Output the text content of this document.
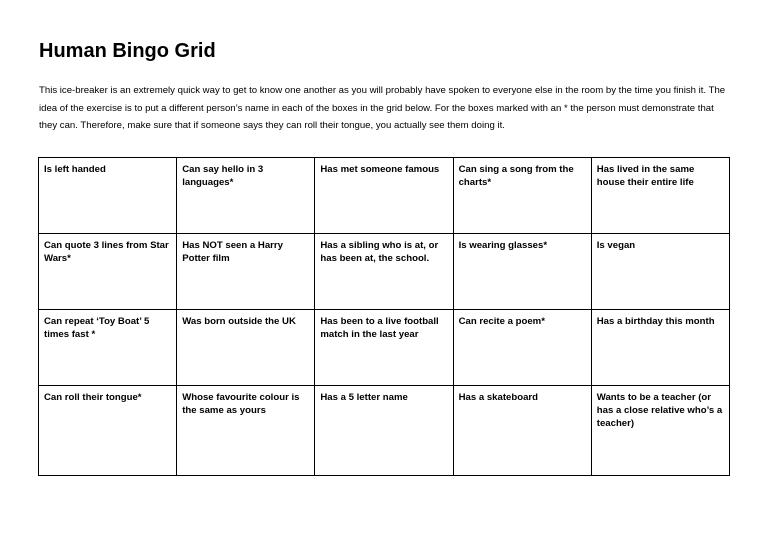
Human Bingo Grid

This ice-breaker is an extremely quick way to get to know one another as you will probably have spoken to everyone else in the room by the time you finish it. The idea of the exercise is to put a different person’s name in each of the boxes in the grid below. For the boxes marked with an * the person must demonstrate that they can. Therefore, make sure that if someone says they can roll their tongue, you actually see them doing it.

Is left handed	Can say hello in 3 languages*	Has met someone famous	Can sing a song from the charts*	Has lived in the same house their entire life
Can quote 3 lines from Star Wars*	Has NOT seen a Harry Potter film	Has a sibling who is at, or has been at, the school.	Is wearing glasses*	Is vegan
Can repeat ‘Toy Boat’ 5 times fast *	Was born outside the UK	Has been to a live football match in the last year	Can recite a poem*	Has a birthday this month
Can roll their tongue*	Whose favourite colour is the same as yours	Has a 5 letter name	Has a skateboard	Wants to be a teacher (or has a close relative who’s a teacher)
